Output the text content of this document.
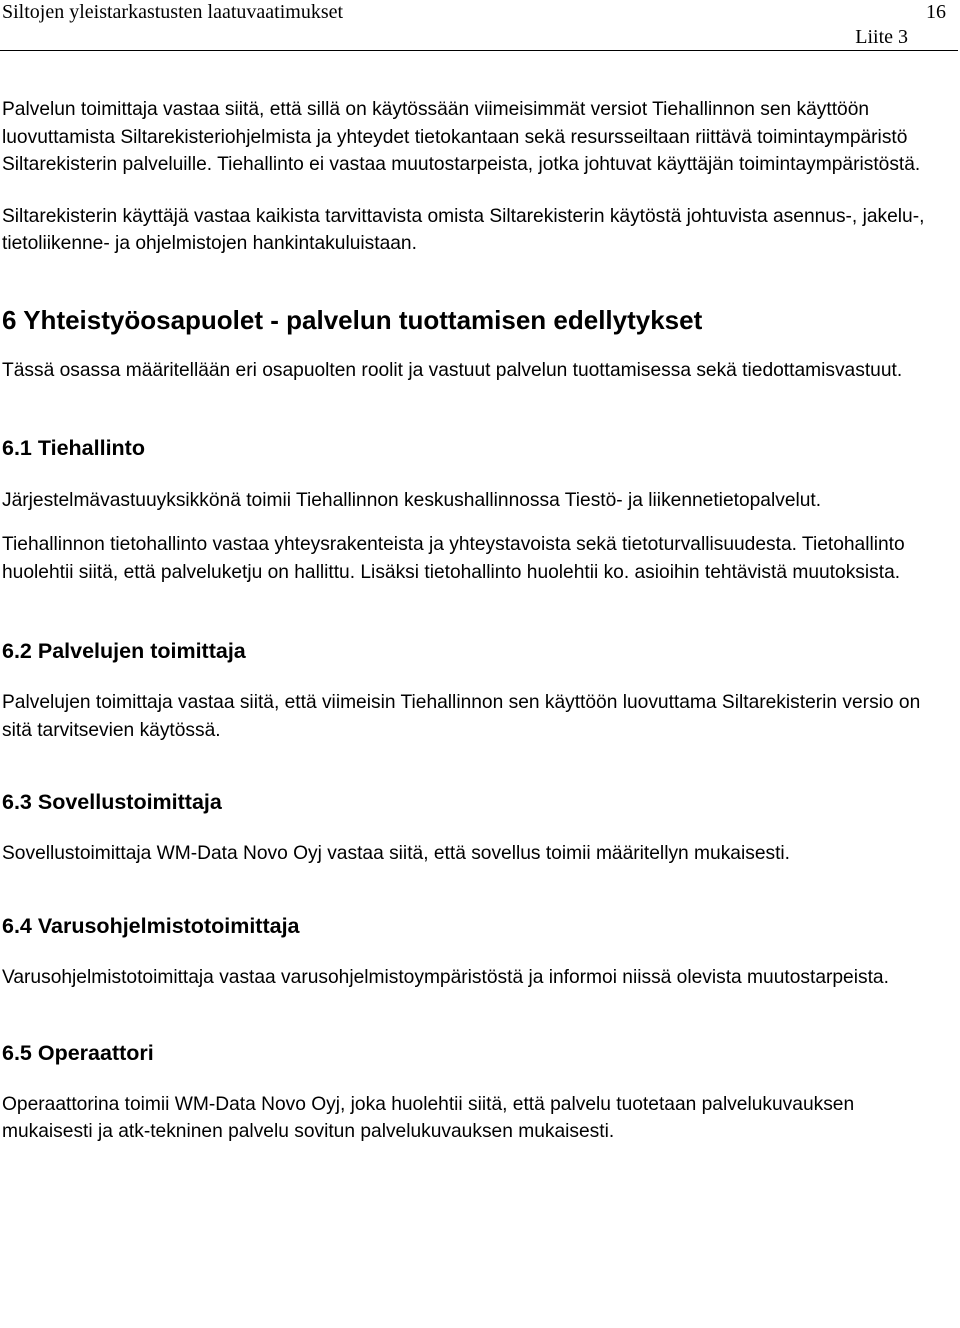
Siltojen yleistarkastusten laatuvaatimukset	16
Liite 3

Palvelun toimittaja vastaa siitä, että sillä on käytössään viimeisimmät versiot Tiehallinnon sen käyttöön luovuttamista Siltarekisteriohjelmista ja yhteydet tietokantaan sekä resursseiltaan riittävä toimintaympäristö Siltarekisterin palveluille. Tiehallinto ei vastaa muutostarpeista, jotka johtuvat käyttäjän toimintaympäristöstä.

Siltarekisterin käyttäjä vastaa kaikista tarvittavista omista Siltarekisterin käytöstä johtuvista asennus-, jakelu-, tietoliikenne- ja ohjelmistojen hankintakuluistaan.

6 Yhteistyöosapuolet - palvelun tuottamisen edellytykset

Tässä osassa määritellään eri osapuolten roolit ja vastuut palvelun tuottamisessa sekä tiedottamisvastuut.

6.1 Tiehallinto

Järjestelmävastuuyksikkönä toimii Tiehallinnon keskushallinnossa Tiestö- ja liikennetietopalvelut.

Tiehallinnon tietohallinto vastaa yhteysrakenteista ja yhteystavoista sekä tietoturvallisuudesta. Tietohallinto huolehtii siitä, että palveluketju on hallittu. Lisäksi tietohallinto huolehtii ko. asioihin tehtävistä muutoksista.

6.2 Palvelujen toimittaja

Palvelujen toimittaja vastaa siitä, että viimeisin Tiehallinnon sen käyttöön luovuttama Siltarekisterin versio on sitä tarvitsevien käytössä.

6.3 Sovellustoimittaja

Sovellustoimittaja WM-Data Novo Oyj vastaa siitä, että sovellus toimii määritellyn mukaisesti.

6.4 Varusohjelmistotoimittaja

Varusohjelmistotoimittaja vastaa varusohjelmistoympäristöstä ja informoi niissä olevista muutostarpeista.

6.5 Operaattori

Operaattorina toimii WM-Data Novo Oyj, joka huolehtii siitä, että palvelu tuotetaan palvelukuvauksen mukaisesti ja atk-tekninen palvelu sovitun palvelukuvauksen mukaisesti.
